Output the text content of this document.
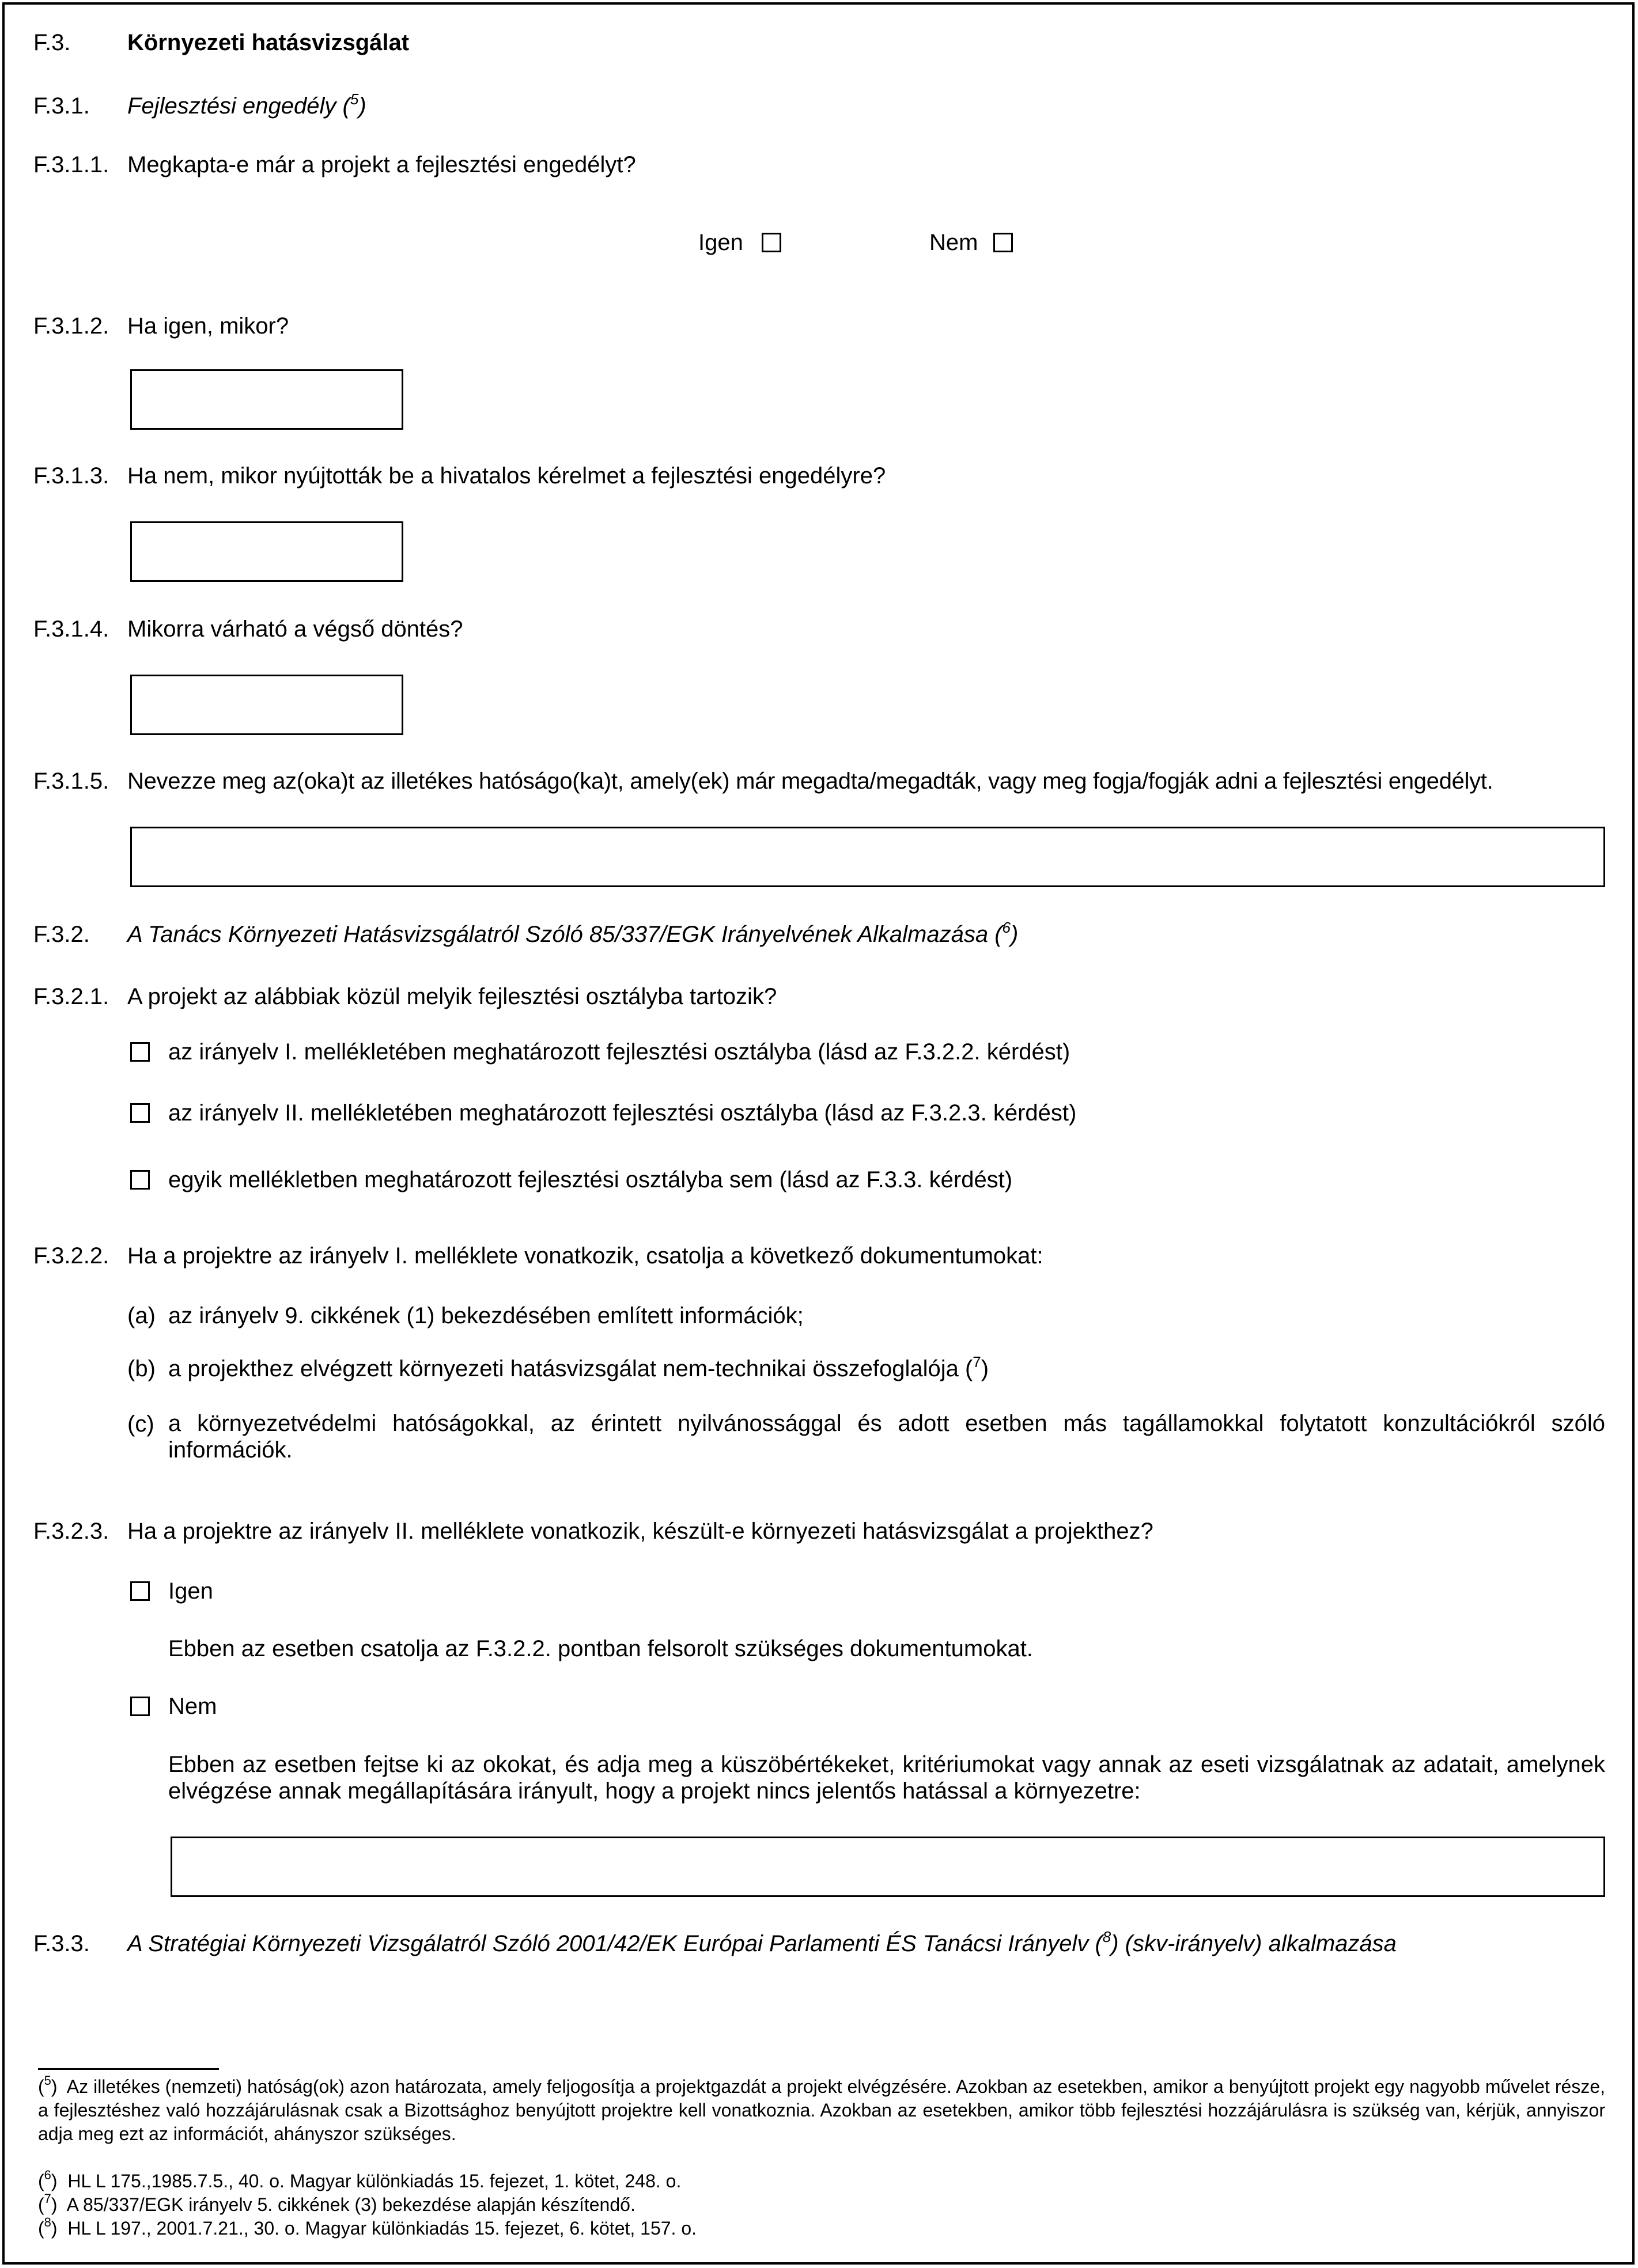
F.3. Környezeti hatásvizsgálat
F.3.1. Fejlesztési engedély ($^5$)
F.3.1.1. Megkapta-e már a projekt a fejlesztési engedélyt?
Igen	Nem
F.3.1.2. Ha igen, mikor?
F.3.1.3. Ha nem, mikor nyújtották be a hivatalos kérelmet a fejlesztési engedélyre?
F.3.1.4. Mikorra várható a végső döntés?
F.3.1.5. Nevezze meg az(oka)t az illetékes hatóságo(ka)t, amely(ek) már megadta/megadták, vagy meg fogja/fogják adni a fejlesztési engedélyt.
F.3.2. A Tanács Környezeti Hatásvizsgálatról Szóló 85/337/EGK Irányelvének Alkalmazása ($^6$)
F.3.2.1. A projekt az alábbiak közül melyik fejlesztési osztályba tartozik?
az irányelv I. mellékletében meghatározott fejlesztési osztályba (lásd az F.3.2.2. kérdést)
az irányelv II. mellékletében meghatározott fejlesztési osztályba (lásd az F.3.2.3. kérdést)
egyik mellékletben meghatározott fejlesztési osztályba sem (lásd az F.3.3. kérdést)
F.3.2.2. Ha a projektre az irányelv I. melléklete vonatkozik, csatolja a következő dokumentumokat:
(a) az irányelv 9. cikkének (1) bekezdésében említett információk;
(b) a projekthez elvégzett környezeti hatásvizsgálat nem-technikai összefoglalója ($^7$)
(c) a környezetvédelmi hatóságokkal, az érintett nyilvánossággal és adott esetben más tagállamokkal folytatott konzultációkról szóló információk.
F.3.2.3. Ha a projektre az irányelv II. melléklete vonatkozik, készült-e környezeti hatásvizsgálat a projekthez?
Igen
Ebben az esetben csatolja az F.3.2.2. pontban felsorolt szükséges dokumentumokat.
Nem
Ebben az esetben fejtse ki az okokat, és adja meg a küszöbértékeket, kritériumokat vagy annak az eseti vizsgálatnak az adatait, amelynek elvégzése annak megállapítására irányult, hogy a projekt nincs jelentős hatással a környezetre:
F.3.3. A Stratégiai Környezeti Vizsgálatról Szóló 2001/42/EK Európai Parlamenti ÉS Tanácsi Irányelv ($^8$) (skv-irányelv) alkalmazása
($^5$)  Az illetékes (nemzeti) hatóság(ok) azon határozata, amely feljogosítja a projektgazdát a projekt elvégzésére. Azokban az esetekben, amikor a benyújtott projekt egy nagyobb művelet része, a fejlesztéshez való hozzájárulásnak csak a Bizottsághoz benyújtott projektre kell vonatkoznia. Azokban az esetekben, amikor több fejlesztési hozzájárulásra is szükség van, kérjük, annyiszor adja meg ezt az információt, ahányszor szükséges.
($^6$)  HL L 175.,1985.7.5., 40. o. Magyar különkiadás 15. fejezet, 1. kötet, 248. o.
($^7$)  A 85/337/EGK irányelv 5. cikkének (3) bekezdése alapján készítendő.
($^8$)  HL L 197., 2001.7.21., 30. o. Magyar különkiadás 15. fejezet, 6. kötet, 157. o.
